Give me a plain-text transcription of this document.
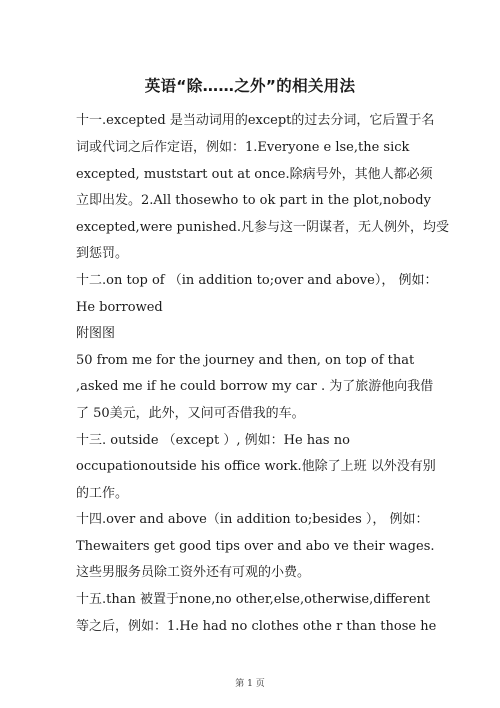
英语“除……之外”的相关用法
十一.excepted 是当动词用的except的过去分词，它后置于名
词或代词之后作定语，例如：1.Everyone e lse,the sick
excepted, muststart out at once.除病号外，其他人都必须
立即出发。2.All thosewho to ok part in the plot,nobody
excepted,were punished.凡参与这一阴谋者，无人例外，均受
到惩罚。
十二.on top of （in addition to;over and above）， 例如：
He borrowed
附图图
50 from me for the journey and then, on top of that
,asked me if he could borrow my car . 为了旅游他向我借
了 50美元，此外，又问可否借我的车。
十三. outside （except ）, 例如：He has no
occupationoutside his office work.他除了上班 以外没有别
的工作。
十四.over and above（in addition to;besides ）， 例如：
Thewaiters get good tips over and abo ve their wages.
这些男服务员除工资外还有可观的小费。
十五.than 被置于none,no other,else,otherwise,different
等之后，例如：1.He had no clothes othe r than those he
第 1 页
